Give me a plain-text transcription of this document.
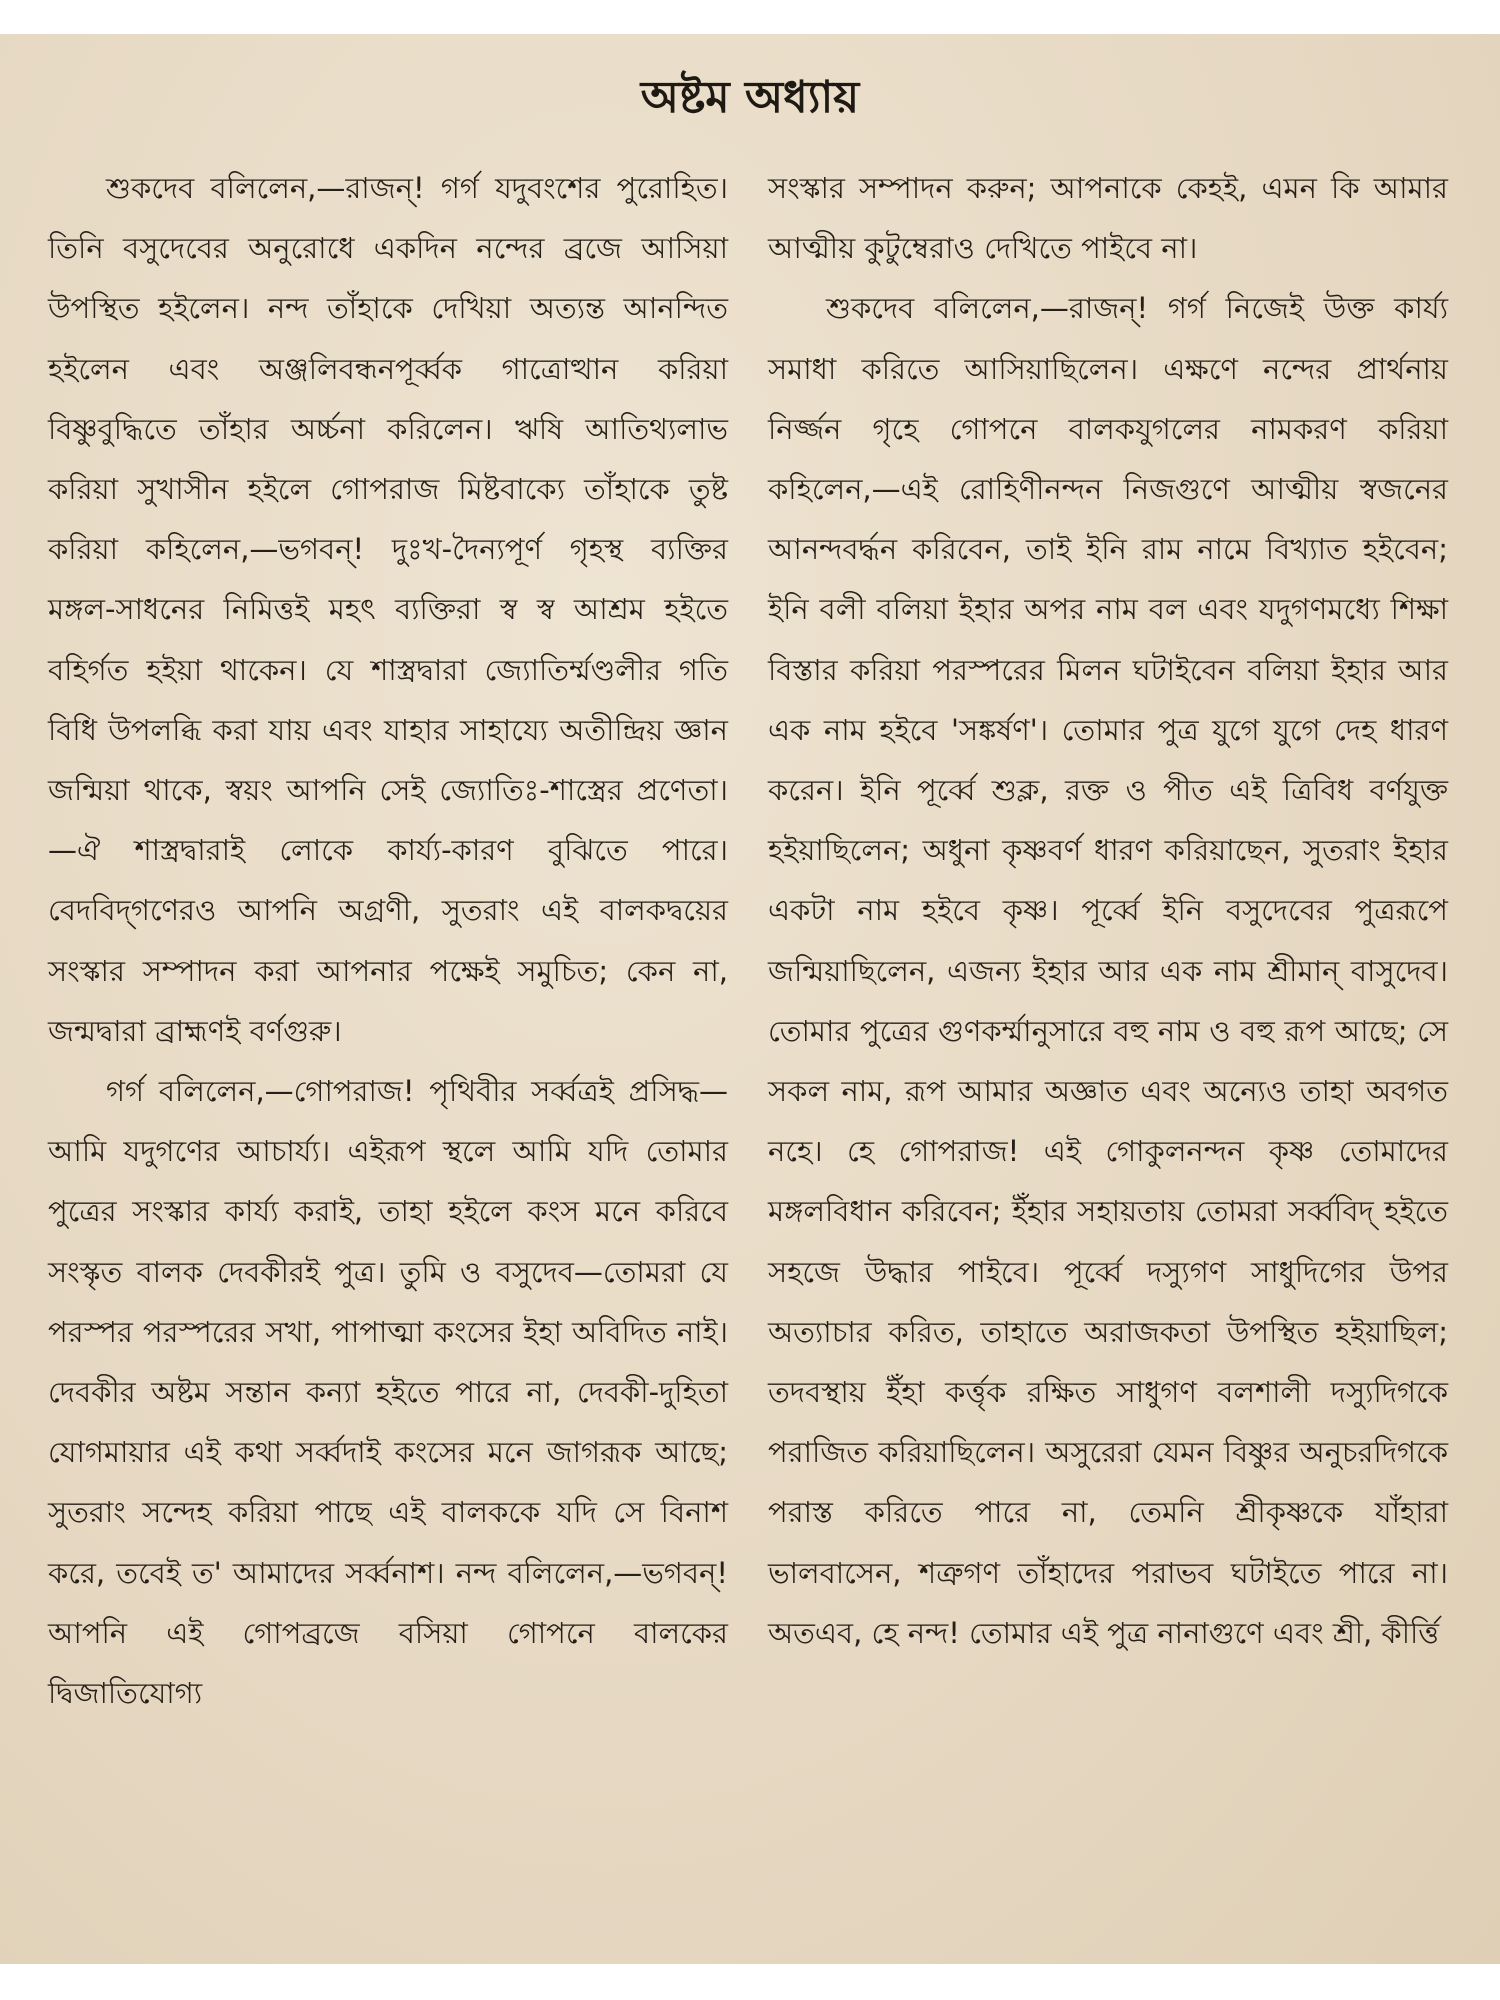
অষ্টম অধ্যায়

শুকদেব বলিলেন,—রাজন্! গর্গ যদুবংশের পুরোহিত। তিনি বসুদেবের অনুরোধে একদিন নন্দের ব্রজে আসিয়া উপস্থিত হইলেন। নন্দ তাঁহাকে দেখিয়া অত্যন্ত আনন্দিত হইলেন এবং অঞ্জলিবন্ধনপূর্ব্বক গাত্রোত্থান করিয়া বিষ্ণুবুদ্ধিতে তাঁহার অর্চ্চনা করিলেন। ঋষি আতিথ্যলাভ করিয়া সুখাসীন হইলে গোপরাজ মিষ্টবাক্যে তাঁহাকে তুষ্ট করিয়া কহিলেন,—ভগবন্! দুঃখ-দৈন্যপূর্ণ গৃহস্থ ব্যক্তির মঙ্গল-সাধনের নিমিত্তই মহৎ ব্যক্তিরা স্ব স্ব আশ্রম হইতে বহির্গত হইয়া থাকেন। যে শাস্ত্রদ্বারা জ্যোতির্ম্মণ্ডলীর গতি বিধি উপলব্ধি করা যায় এবং যাহার সাহায্যে অতীন্দ্রিয় জ্ঞান জন্মিয়া থাকে, স্বয়ং আপনি সেই জ্যোতিঃ-শাস্ত্রের প্রণেতা।—ঐ শাস্ত্রদ্বারাই লোকে কার্য্য-কারণ বুঝিতে পারে। বেদবিদ্‌গণেরও আপনি অগ্রণী, সুতরাং এই বালকদ্বয়ের সংস্কার সম্পাদন করা আপনার পক্ষেই সমুচিত; কেন না, জন্মদ্বারা ব্রাহ্মণই বর্ণগুরু।

গর্গ বলিলেন,—গোপরাজ! পৃথিবীর সর্ব্বত্রই প্রসিদ্ধ—আমি যদুগণের আচার্য্য। এইরূপ স্থলে আমি যদি তোমার পুত্রের সংস্কার কার্য্য করাই, তাহা হইলে কংস মনে করিবে সংস্কৃত বালক দেবকীরই পুত্র। তুমি ও বসুদেব—তোমরা যে পরস্পর পরস্পরের সখা, পাপাত্মা কংসের ইহা অবিদিত নাই। দেবকীর অষ্টম সন্তান কন্যা হইতে পারে না, দেবকী-দুহিতা যোগমায়ার এই কথা সর্ব্বদাই কংসের মনে জাগরূক আছে; সুতরাং সন্দেহ করিয়া পাছে এই বালককে যদি সে বিনাশ করে, তবেই ত' আমাদের সর্ব্বনাশ। নন্দ বলিলেন,—ভগবন্! আপনি এই গোপব্রজে বসিয়া গোপনে বালকের দ্বিজাতিযোগ্য

সংস্কার সম্পাদন করুন; আপনাকে কেহই, এমন কি আমার আত্মীয় কুটুম্বেরাও দেখিতে পাইবে না।

শুকদেব বলিলেন,—রাজন্! গর্গ নিজেই উক্ত কার্য্য সমাধা করিতে আসিয়াছিলেন। এক্ষণে নন্দের প্রার্থনায় নির্জ্জন গৃহে গোপনে বালকযুগলের নামকরণ করিয়া কহিলেন,—এই রোহিণীনন্দন নিজগুণে আত্মীয় স্বজনের আনন্দবর্দ্ধন করিবেন, তাই ইনি রাম নামে বিখ্যাত হইবেন; ইনি বলী বলিয়া ইহার অপর নাম বল এবং যদুগণমধ্যে শিক্ষা বিস্তার করিয়া পরস্পরের মিলন ঘটাইবেন বলিয়া ইহার আর এক নাম হইবে 'সঙ্কর্ষণ'। তোমার পুত্র যুগে যুগে দেহ ধারণ করেন। ইনি পূর্ব্বে শুক্ল, রক্ত ও পীত এই ত্রিবিধ বর্ণযুক্ত হইয়াছিলেন; অধুনা কৃষ্ণবর্ণ ধারণ করিয়াছেন, সুতরাং ইহার একটা নাম হইবে কৃষ্ণ। পূর্ব্বে ইনি বসুদেবের পুত্ররূপে জন্মিয়াছিলেন, এজন্য ইহার আর এক নাম শ্রীমান্ বাসুদেব। তোমার পুত্রের গুণকর্ম্মানুসারে বহু নাম ও বহু রূপ আছে; সে সকল নাম, রূপ আমার অজ্ঞাত এবং অন্যেও তাহা অবগত নহে। হে গোপরাজ! এই গোকুলনন্দন কৃষ্ণ তোমাদের মঙ্গলবিধান করিবেন; ইঁহার সহায়তায় তোমরা সর্ব্ববিদ্ হইতে সহজে উদ্ধার পাইবে। পূর্ব্বে দস্যুগণ সাধুদিগের উপর অত্যাচার করিত, তাহাতে অরাজকতা উপস্থিত হইয়াছিল; তদবস্থায় ইঁহা কর্ত্তৃক রক্ষিত সাধুগণ বলশালী দস্যুদিগকে পরাজিত করিয়াছিলেন। অসুরেরা যেমন বিষ্ণুর অনুচরদিগকে পরাস্ত করিতে পারে না, তেমনি শ্রীকৃষ্ণকে যাঁহারা ভালবাসেন, শত্রুগণ তাঁহাদের পরাভব ঘটাইতে পারে না। অতএব, হে নন্দ! তোমার এই পুত্র নানাগুণে এবং শ্রী, কীর্ত্তি
